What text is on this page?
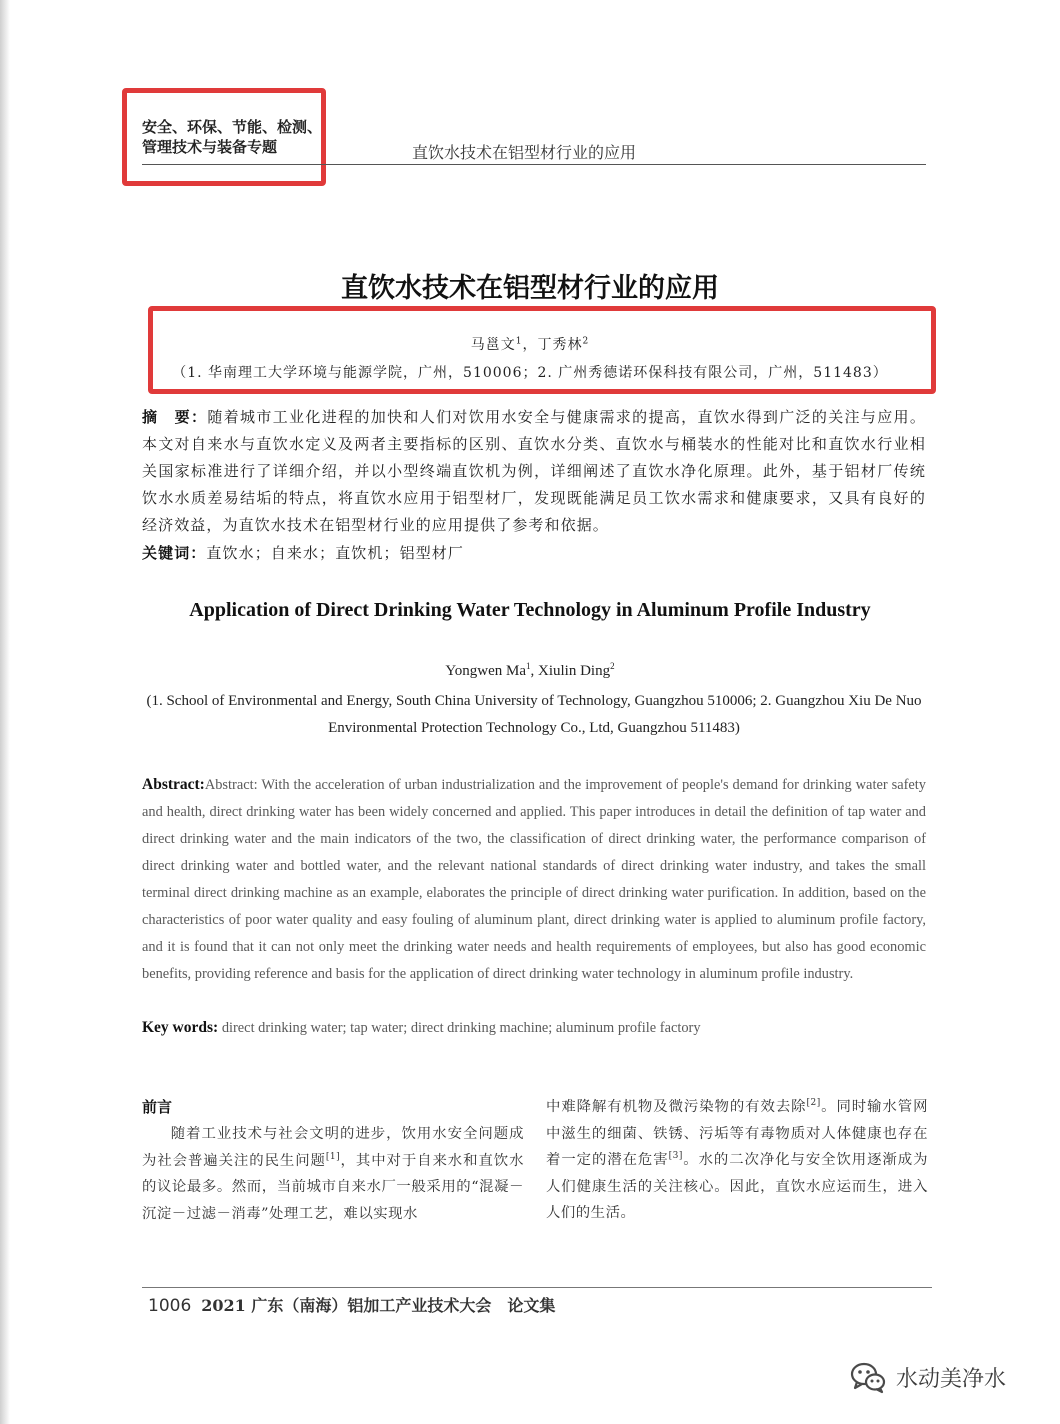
安全、环保、节能、检测、
管理技术与装备专题	直饮水技术在铝型材行业的应用
直饮水技术在铝型材行业的应用
马邕文$^1$，丁秀林$^2$
（1. 华南理工大学环境与能源学院，广州，510006；2. 广州秀德诺环保科技有限公司，广州，511483）
摘　要：随着城市工业化进程的加快和人们对饮用水安全与健康需求的提高，直饮水得到广泛的关注与应用。本文对自来水与直饮水定义及两者主要指标的区别、直饮水分类、直饮水与桶装水的性能对比和直饮水行业相关国家标准进行了详细介绍，并以小型终端直饮机为例，详细阐述了直饮水净化原理。此外，基于铝材厂传统饮水水质差易结垢的特点，将直饮水应用于铝型材厂，发现既能满足员工饮水需求和健康要求，又具有良好的经济效益，为直饮水技术在铝型材行业的应用提供了参考和依据。
关键词：直饮水；自来水；直饮机；铝型材厂
Application of Direct Drinking Water Technology in Aluminum Profile Industry
Yongwen Ma$^1$, Xiulin Ding$^2$
(1. School of Environmental and Energy, South China University of Technology, Guangzhou 510006; 2. Guangzhou Xiu De Nuo Environmental Protection Technology Co., Ltd, Guangzhou 511483)
Abstract:Abstract: With the acceleration of urban industrialization and the improvement of people's demand for drinking water safety and health, direct drinking water has been widely concerned and applied. This paper introduces in detail the definition of tap water and direct drinking water and the main indicators of the two, the classification of direct drinking water, the performance comparison of direct drinking water and bottled water, and the relevant national standards of direct drinking water industry, and takes the small terminal direct drinking machine as an example, elaborates the principle of direct drinking water purification. In addition, based on the characteristics of poor water quality and easy fouling of aluminum plant, direct drinking water is applied to aluminum profile factory, and it is found that it can not only meet the drinking water needs and health requirements of employees, but also has good economic benefits, providing reference and basis for the application of direct drinking water technology in aluminum profile industry.
Key words: direct drinking water; tap water; direct drinking machine; aluminum profile factory

前言

随着工业技术与社会文明的进步，饮用水安全问题成为社会普遍关注的民生问题[1]，其中对于自来水和直饮水的议论最多。然而，当前城市自来水厂一般采用的“混凝－沉淀－过滤－消毒”处理工艺，难以实现水

中难降解有机物及微污染物的有效去除[2]。同时输水管网中滋生的细菌、铁锈、污垢等有毒物质对人体健康也存在着一定的潜在危害[3]。水的二次净化与安全饮用逐渐成为人们健康生活的关注核心。因此，直饮水应运而生，进入人们的生活。

1006 2021 广东（南海）铝加工产业技术大会　论文集
水动美净水
